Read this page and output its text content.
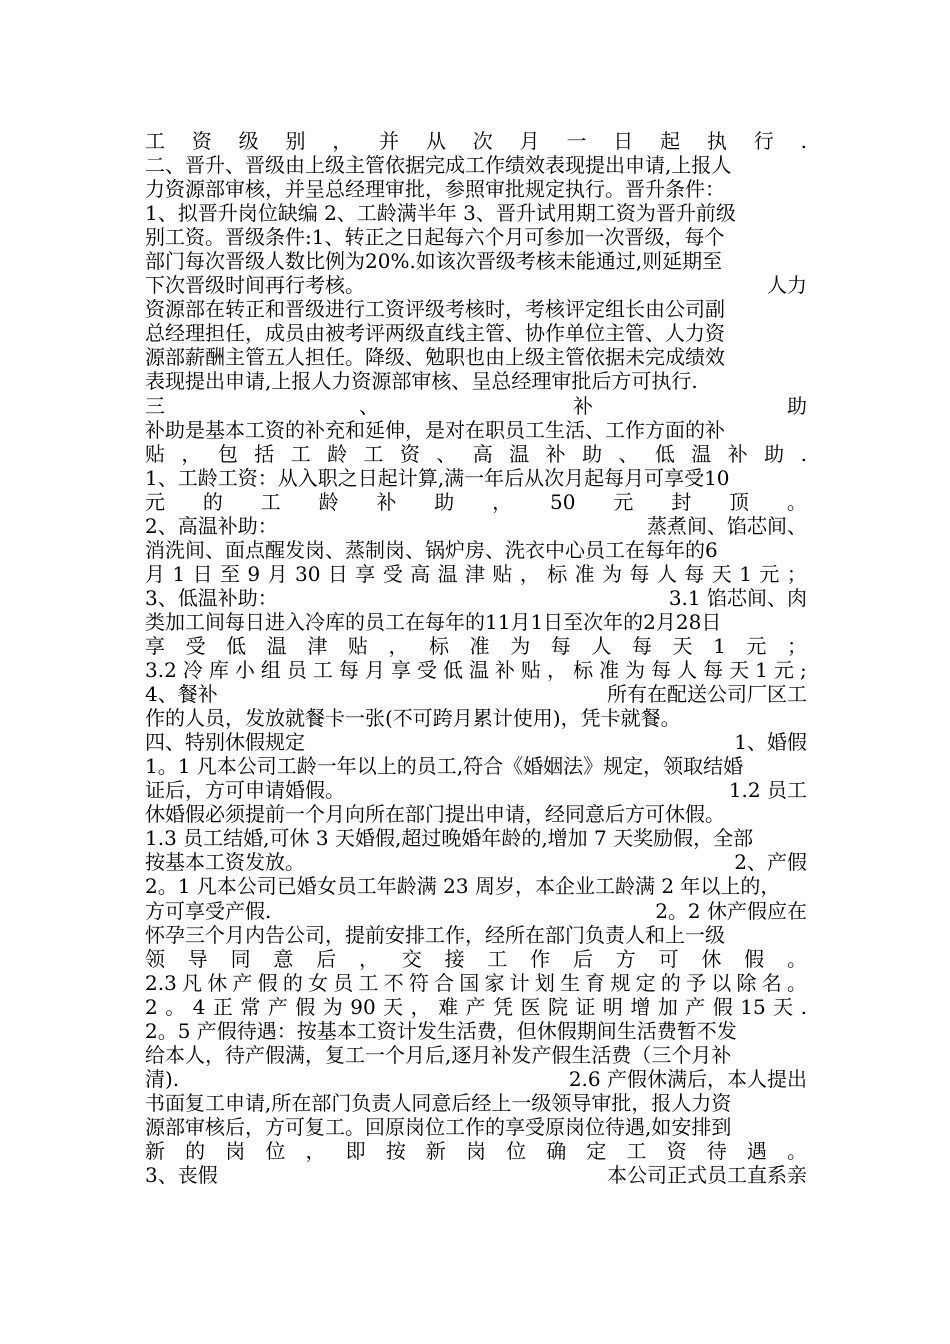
工 资 级 别 ， 并 从 次 月 一 日 起 执 行 .
二、晋升、晋级由上级主管依据完成工作绩效表现提出申请,上报人
力资源部审核，并呈总经理审批，参照审批规定执行。晋升条件：
1、拟晋升岗位缺编 2、工龄满半年 3、晋升试用期工资为晋升前级
别工资。晋级条件:1、转正之日起每六个月可参加一次晋级，每个
部门每次晋级人数比例为20%.如该次晋级考核未能通过,则延期至
下次晋级时间再行考核。	人力
资源部在转正和晋级进行工资评级考核时，考核评定组长由公司副
总经理担任，成员由被考评两级直线主管、协作单位主管、人力资
源部薪酬主管五人担任。降级、勉职也由上级主管依据未完成绩效
表现提出申请,上报人力资源部审核、呈总经理审批后方可执行.
三	、	补	助
补助是基本工资的补充和延伸，是对在职员工生活、工作方面的补
贴 ， 包 括 工 龄 工 资 、 高 温 补 助 、 低 温 补 助 .
1、工龄工资：从入职之日起计算,满一年后从次月起每月可享受10
元 的 工 龄 补 助 ， 50 元 封 顶 。
2、高温补助：	蒸煮间、馅芯间、
消洗间、面点醒发岗、蒸制岗、锅炉房、洗衣中心员工在每年的6
月 1 日 至 9 月 30 日 享 受 高 温 津 贴 ， 标 准 为 每 人 每 天 1 元 ；
3、低温补助：	3.1 馅芯间、肉
类加工间每日进入冷库的员工在每年的11月1日至次年的2月28日
享 受 低 温 津 贴 ， 标 准 为 每 人 每 天 1 元 ；
3.2 冷 库 小 组 员 工 每 月 享 受 低 温 补 贴 ， 标 准 为 每 人 每 天 1 元 ;
4、餐补	所有在配送公司厂区工
作的人员，发放就餐卡一张(不可跨月累计使用)，凭卡就餐。
四、特别休假规定	1、婚假
1。1 凡本公司工龄一年以上的员工,符合《婚姻法》规定，领取结婚
证后，方可申请婚假。	1.2 员工
休婚假必须提前一个月向所在部门提出申请，经同意后方可休假。
1.3 员工结婚,可休 3 天婚假,超过晚婚年龄的,增加 7 天奖励假，全部
按基本工资发放。	2、产假
2。1 凡本公司已婚女员工年龄满 23 周岁，本企业工龄满 2 年以上的，
方可享受产假.	2。2 休产假应在
怀孕三个月内告公司，提前安排工作，经所在部门负责人和上一级
领 导 同 意 后 ， 交 接 工 作 后 方 可 休 假 。
2.3 凡 休 产 假 的 女 员 工 不 符 合 国 家 计 划 生 育 规 定 的 予 以 除 名 。
2 。 4 正 常 产 假 为 90 天 ， 难 产 凭 医 院 证 明 增 加 产 假 15 天 .
2。5 产假待遇：按基本工资计发生活费，但休假期间生活费暂不发
给本人，待产假满，复工一个月后,逐月补发产假生活费（三个月补
清).	2.6 产假休满后，本人提出
书面复工申请,所在部门负责人同意后经上一级领导审批，报人力资
源部审核后，方可复工。回原岗位工作的享受原岗位待遇,如安排到
新 的 岗 位 ， 即 按 新 岗 位 确 定 工 资 待 遇 。
3、丧假	本公司正式员工直系亲
